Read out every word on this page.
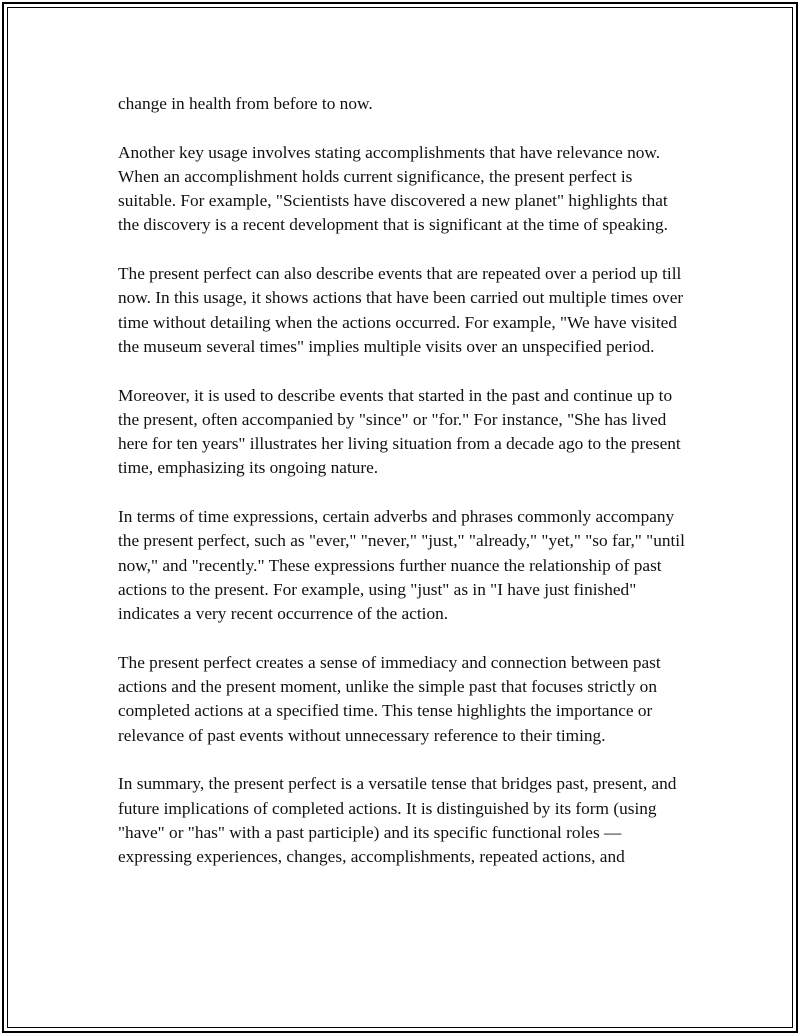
change in health from before to now.

Another key usage involves stating accomplishments that have relevance now. When an accomplishment holds current significance, the present perfect is suitable. For example, "Scientists have discovered a new planet" highlights that the discovery is a recent development that is significant at the time of speaking.

The present perfect can also describe events that are repeated over a period up till now. In this usage, it shows actions that have been carried out multiple times over time without detailing when the actions occurred. For example, "We have visited the museum several times" implies multiple visits over an unspecified period.

Moreover, it is used to describe events that started in the past and continue up to the present, often accompanied by "since" or "for." For instance, "She has lived here for ten years" illustrates her living situation from a decade ago to the present time, emphasizing its ongoing nature.

In terms of time expressions, certain adverbs and phrases commonly accompany the present perfect, such as "ever," "never," "just," "already," "yet," "so far," "until now," and "recently." These expressions further nuance the relationship of past actions to the present. For example, using "just" as in "I have just finished" indicates a very recent occurrence of the action.

The present perfect creates a sense of immediacy and connection between past actions and the present moment, unlike the simple past that focuses strictly on completed actions at a specified time. This tense highlights the importance or relevance of past events without unnecessary reference to their timing.

In summary, the present perfect is a versatile tense that bridges past, present, and future implications of completed actions. It is distinguished by its form (using "have" or "has" with a past participle) and its specific functional roles —expressing experiences, changes, accomplishments, repeated actions, and
